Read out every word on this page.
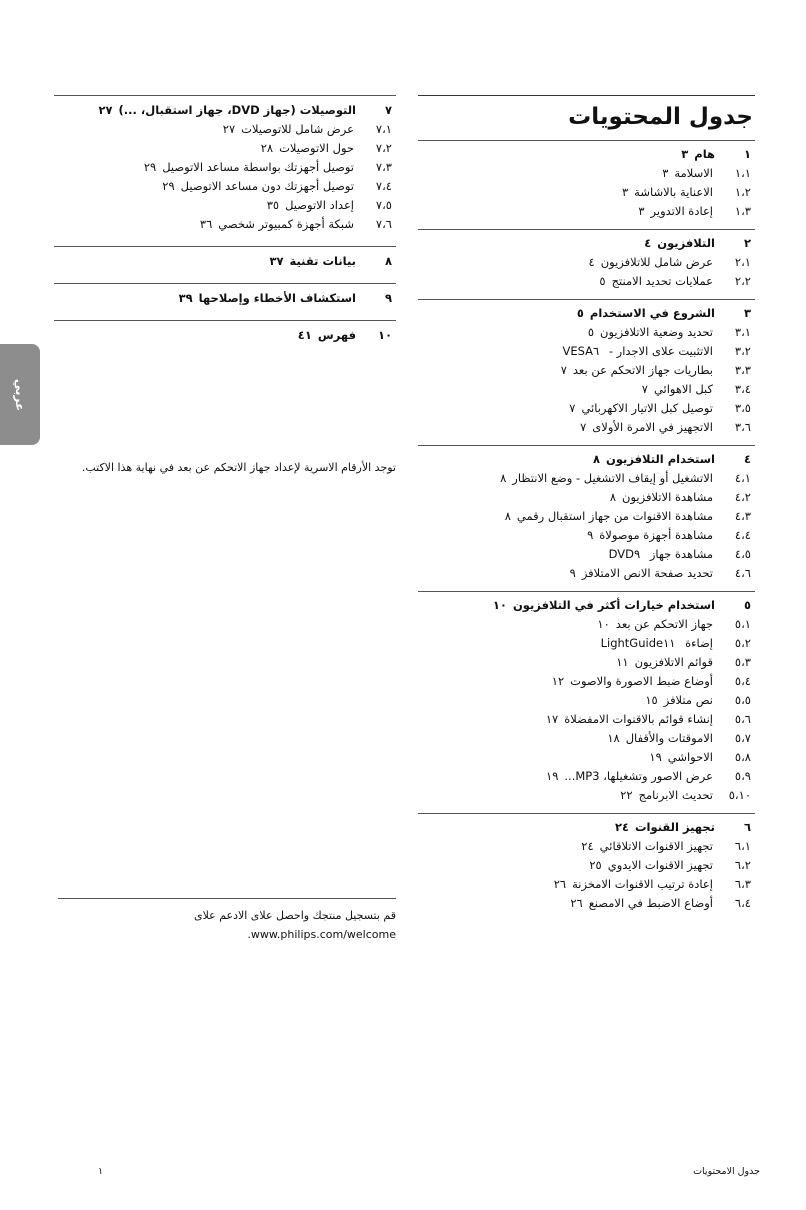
عربي
جدول المحتويات
١
هام٣
١،١
الاسلامة٣
١،٢
الاعناية بالاشاشة٣
١،٣
إعادة الاتدوير٣
٢
التلافزيون٤
٢،١
عرض شامل للاتلافزيون٤
٢،٢
عملايات تحديد الامنتج٥
٣
الشروع في الاستخدام٥
٣،١
تحديد وضعية الاتلافزيون٥
٣،٢
الاتثبيت علاى الاجدار - VESA٦
٣،٣
بطاريات جهاز الاتحكم عن بعد٧
٣،٤
كبل الاهوائي٧
٣،٥
توصيل كبل الاتيار الاكهربائي٧
٣،٦
الاتجهيز في الامرة الأولاى٧
٤
استخدام التلافزيون٨
٤،١
الاتشغيل أو إيقاف الاتشغيل - وضع الانتظار٨
٤،٢
مشاهدة الاتلافزيون٨
٤،٣
مشاهدة الاقنوات من جهاز استقبال رقمي٨
٤،٤
مشاهدة أجهزة موصولاة٩
٤،٥
مشاهدة جهاز DVD٩
٤،٦
تحديد صفحة الانص الامتلافز٩
٥
استخدام خيارات أكثر في التلافزيون١٠
٥،١
جهاز الاتحكم عن بعد١٠
٥،٢
إضاءة LightGuide١١
٥،٣
قوائم الاتلافزيون١١
٥،٤
أوضاع ضبط الاصورة والاصوت١٢
٥،٥
نص متلافز١٥
٥،٦
إنشاء قوائم بالاقنوات الامفضلاة١٧
٥،٧
الاموقتات والأقفال١٨
٥،٨
الاحواشي١٩
٥،٩
عرض الاصور وتشغيلها، MP3...١٩
٥،١٠
تحديث الابرنامج٢٢
٦
تجهيز القنوات٢٤
٦،١
تجهيز الاقنوات الاتلاقائي٢٤
٦،٢
تجهيز الاقنوات الايدوي٢٥
٦،٣
إعادة ترتيب الاقنوات الامخزنة٢٦
٦،٤
أوضاع الاضبط في الامصنع٢٦
٧
التوصيلات (جهاز DVD، جهاز استقبال، ...)٢٧
٧،١
عرض شامل للاتوصيلات٢٧
٧،٢
حول الاتوصيلات٢٨
٧،٣
توصيل أجهزتك بواسطة مساعد الاتوصيل٢٩
٧،٤
توصيل أجهزتك دون مساعد الاتوصيل٢٩
٧،٥
إعداد الاتوصيل٣٥
٧،٦
شبكة أجهزة كمبيوتر شخصي٣٦
٨
بيانات تقنية٣٧
٩
استكشاف الأخطاء وإصلاحها٣٩
١٠
فهرس٤١
توجد الأرقام الاسرية لإعداد جهاز الاتحكم عن بعد في نهاية هذا الاكتب.
قم بتسجيل منتجك واحصل علاى الادعم علاى www.philips.com/welcome.
جدول الامحتويات
١
